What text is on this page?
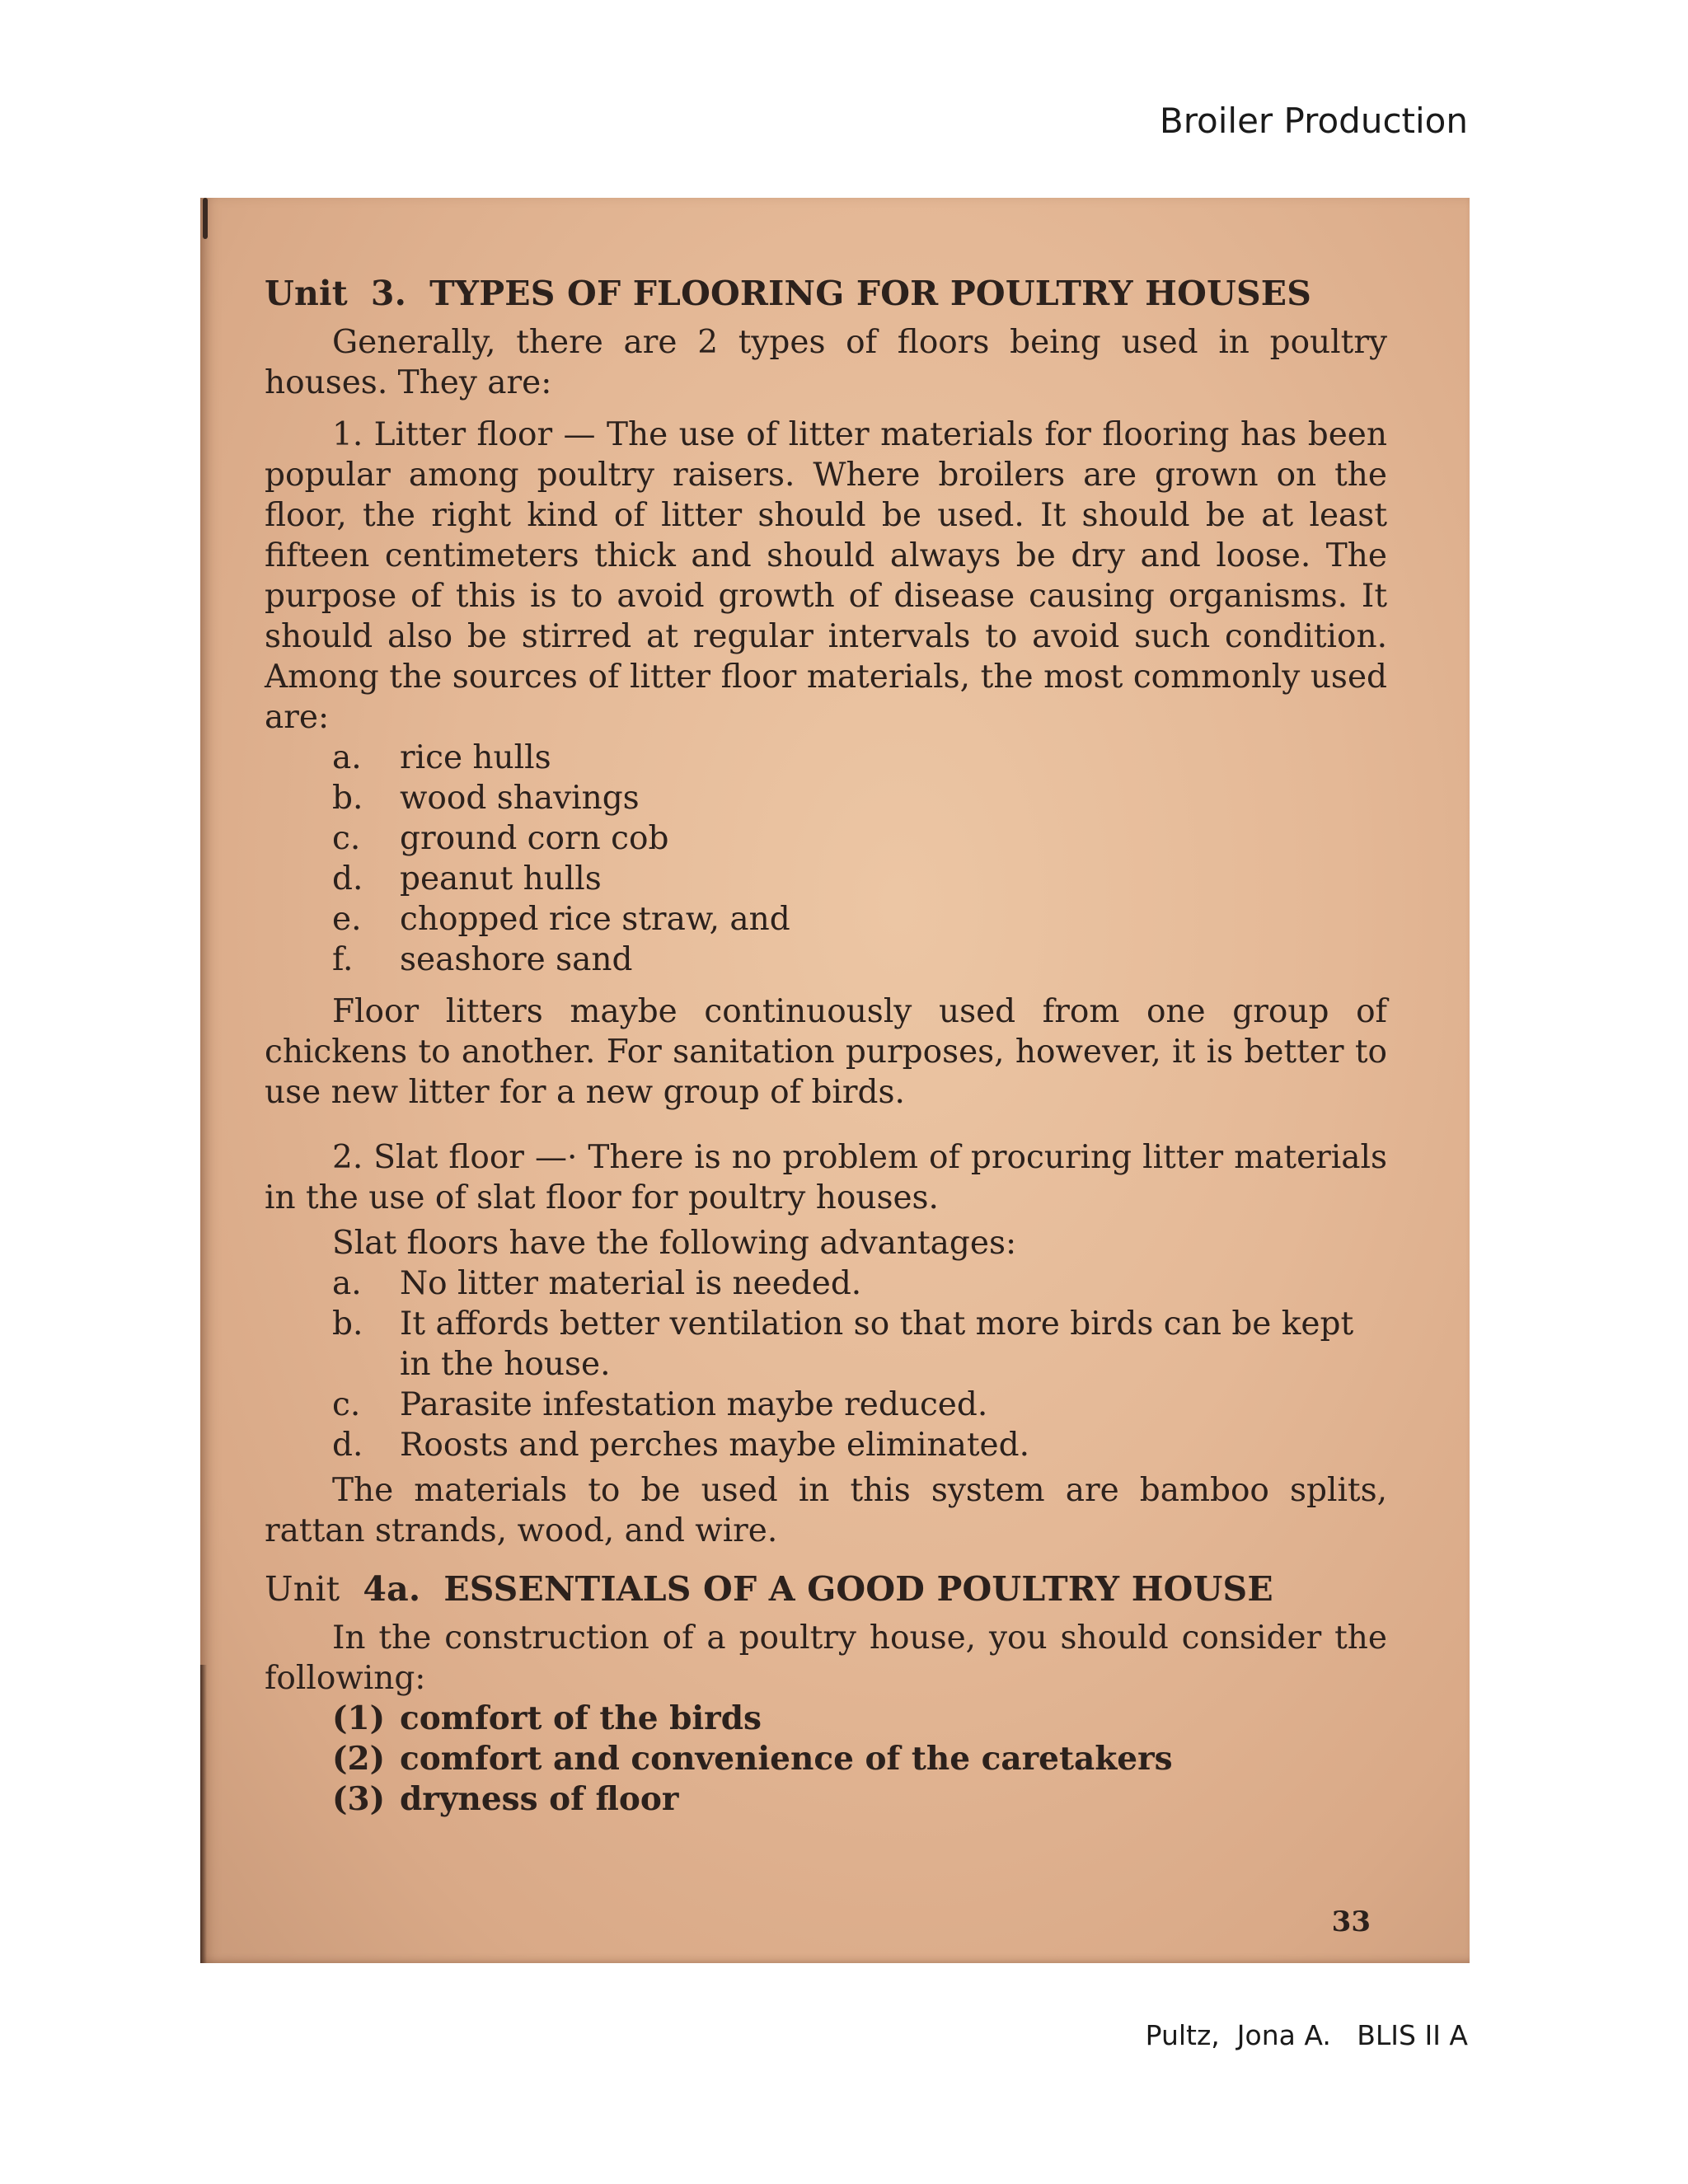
Broiler Production
Unit 3. TYPES OF FLOORING FOR POULTRY HOUSES

Generally, there are 2 types of floors being used in poultry houses. They are:

1. Litter floor — The use of litter materials for flooring has been popular among poultry raisers. Where broilers are grown on the floor, the right kind of litter should be used. It should be at least fifteen centimeters thick and should always be dry and loose. The purpose of this is to avoid growth of disease causing organisms. It should also be stirred at regular intervals to avoid such condition. Among the sources of litter floor materials, the most commonly used are:

a.	rice hulls
b.	wood shavings
c.	ground corn cob
d.	peanut hulls
e.	chopped rice straw, and
f.	seashore sand

Floor litters maybe continuously used from one group of chickens to another. For sanitation purposes, however, it is better to use new litter for a new group of birds.

2. Slat floor —· There is no problem of procuring litter materials in the use of slat floor for poultry houses.

Slat floors have the following advantages:

a.	No litter material is needed.
b.	It affords better ventilation so that more birds can be kept in the house.
c.	Parasite infestation maybe reduced.
d.	Roosts and perches maybe eliminated.

The materials to be used in this system are bamboo splits, rattan strands, wood, and wire.

Unit 4a. ESSENTIALS OF A GOOD POULTRY HOUSE

In the construction of a poultry house, you should consider the following:

(1) comfort of the birds
(2) comfort and convenience of the caretakers
(3) dryness of floor
33
Pultz,  Jona A.   BLIS II A
